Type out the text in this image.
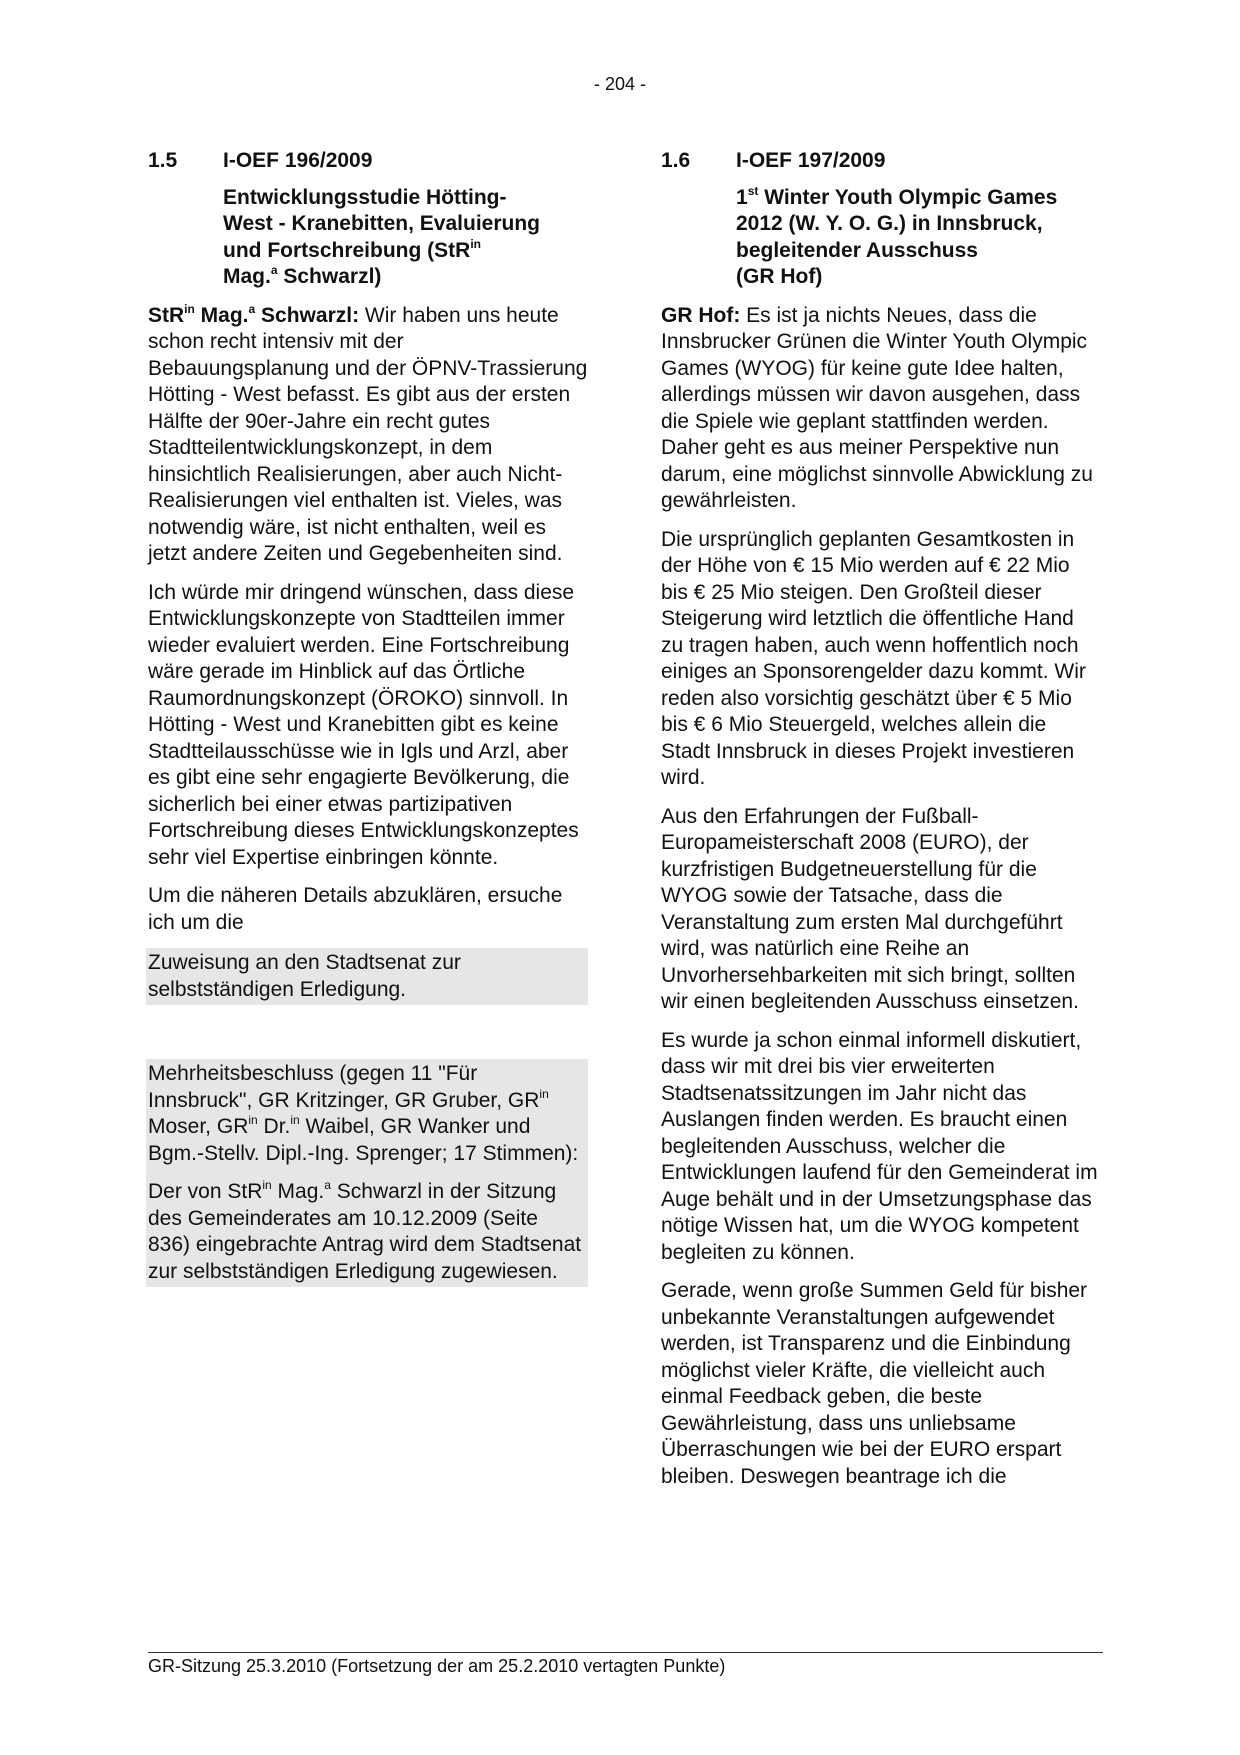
- 204 -
1.5	I-OEF 196/2009
Entwicklungsstudie Hötting-
West - Kranebitten, Evaluierung
und Fortschreibung (StR$^{in}$
Mag.$^a$ Schwarzl)

StR$^{in}$ Mag.$^a$ Schwarzl: Wir haben uns heute schon recht intensiv mit der Bebauungsplanung und der ÖPNV-Trassierung Hötting - West befasst. Es gibt aus der ersten Hälfte der 90er-Jahre ein recht gutes Stadtteilentwicklungskonzept, in dem hinsichtlich Realisierungen, aber auch Nicht-Realisierungen viel enthalten ist. Vieles, was notwendig wäre, ist nicht enthalten, weil es jetzt andere Zeiten und Gegebenheiten sind.

Ich würde mir dringend wünschen, dass diese Entwicklungskonzepte von Stadtteilen immer wieder evaluiert werden. Eine Fortschreibung wäre gerade im Hinblick auf das Örtliche Raumordnungskonzept (ÖROKO) sinnvoll. In Hötting - West und Kranebitten gibt es keine Stadtteilausschüsse wie in Igls und Arzl, aber es gibt eine sehr engagierte Bevölkerung, die sicherlich bei einer etwas partizipativen Fortschreibung dieses Entwicklungskonzeptes sehr viel Expertise einbringen könnte.

Um die näheren Details abzuklären, ersuche ich um die

Zuweisung an den Stadtsenat zur selbstständigen Erledigung.

Mehrheitsbeschluss (gegen 11 "Für Innsbruck", GR Kritzinger, GR Gruber, $GR^{in}$ Moser, $GR^{in}$ Dr.$^{in}$ Waibel, GR Wanker und Bgm.-Stellv. Dipl.-Ing. Sprenger; 17 Stimmen):

Der von StR$^{in}$ Mag.$^a$ Schwarzl in der Sitzung des Gemeinderates am 10.12.2009 (Seite 836) eingebrachte Antrag wird dem Stadtsenat zur selbstständigen Erledigung zugewiesen.

1.6	I-OEF 197/2009
1st Winter Youth Olympic Games
2012 (W. Y. O. G.) in Innsbruck,
begleitender Ausschuss
(GR Hof)

GR Hof: Es ist ja nichts Neues, dass die Innsbrucker Grünen die Winter Youth Olympic Games (WYOG) für keine gute Idee halten, allerdings müssen wir davon ausgehen, dass die Spiele wie geplant stattfinden werden. Daher geht es aus meiner Perspektive nun darum, eine möglichst sinnvolle Abwicklung zu gewährleisten.

Die ursprünglich geplanten Gesamtkosten in der Höhe von € 15 Mio werden auf € 22 Mio bis € 25 Mio steigen. Den Großteil dieser Steigerung wird letztlich die öffentliche Hand zu tragen haben, auch wenn hoffentlich noch einiges an Sponsorengelder dazu kommt. Wir reden also vorsichtig geschätzt über € 5 Mio bis € 6 Mio Steuergeld, welches allein die Stadt Innsbruck in dieses Projekt investieren wird.

Aus den Erfahrungen der Fußball-Europameisterschaft 2008 (EURO), der kurzfristigen Budgetneuerstellung für die WYOG sowie der Tatsache, dass die Veranstaltung zum ersten Mal durchgeführt wird, was natürlich eine Reihe an Unvorhersehbarkeiten mit sich bringt, sollten wir einen begleitenden Ausschuss einsetzen.

Es wurde ja schon einmal informell diskutiert, dass wir mit drei bis vier erweiterten Stadtsenatssitzungen im Jahr nicht das Auslangen finden werden. Es braucht einen begleitenden Ausschuss, welcher die Entwicklungen laufend für den Gemeinderat im Auge behält und in der Umsetzungsphase das nötige Wissen hat, um die WYOG kompetent begleiten zu können.

Gerade, wenn große Summen Geld für bisher unbekannte Veranstaltungen aufgewendet werden, ist Transparenz und die Einbindung möglichst vieler Kräfte, die vielleicht auch einmal Feedback geben, die beste Gewährleistung, dass uns unliebsame Überraschungen wie bei der EURO erspart bleiben. Deswegen beantrage ich die

GR-Sitzung 25.3.2010 (Fortsetzung der am 25.2.2010 vertagten Punkte)
